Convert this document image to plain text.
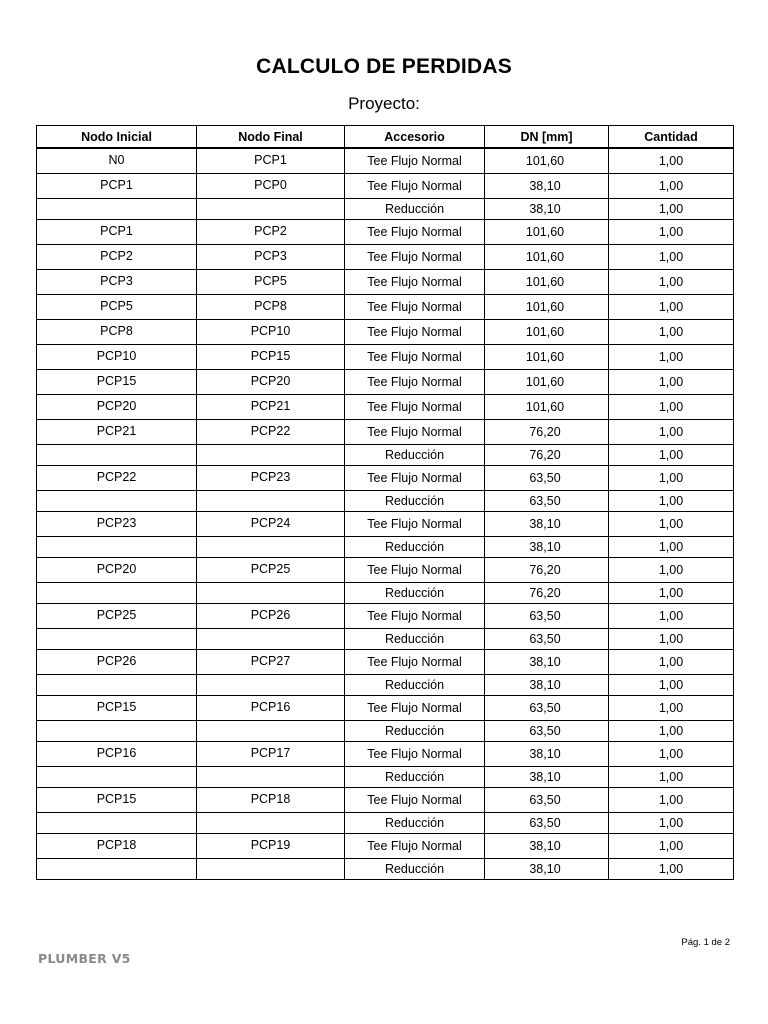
CALCULO DE PERDIDAS
Proyecto:
Nodo Inicial	Nodo Final	Accesorio	DN [mm]	Cantidad
N0	PCP1	Tee Flujo Normal	101,60	1,00
PCP1	PCP0	Tee Flujo Normal	38,10	1,00
		Reducción	38,10	1,00
PCP1	PCP2	Tee Flujo Normal	101,60	1,00
PCP2	PCP3	Tee Flujo Normal	101,60	1,00
PCP3	PCP5	Tee Flujo Normal	101,60	1,00
PCP5	PCP8	Tee Flujo Normal	101,60	1,00
PCP8	PCP10	Tee Flujo Normal	101,60	1,00
PCP10	PCP15	Tee Flujo Normal	101,60	1,00
PCP15	PCP20	Tee Flujo Normal	101,60	1,00
PCP20	PCP21	Tee Flujo Normal	101,60	1,00
PCP21	PCP22	Tee Flujo Normal	76,20	1,00
		Reducción	76,20	1,00
PCP22	PCP23	Tee Flujo Normal	63,50	1,00
		Reducción	63,50	1,00
PCP23	PCP24	Tee Flujo Normal	38,10	1,00
		Reducción	38,10	1,00
PCP20	PCP25	Tee Flujo Normal	76,20	1,00
		Reducción	76,20	1,00
PCP25	PCP26	Tee Flujo Normal	63,50	1,00
		Reducción	63,50	1,00
PCP26	PCP27	Tee Flujo Normal	38,10	1,00
		Reducción	38,10	1,00
PCP15	PCP16	Tee Flujo Normal	63,50	1,00
		Reducción	63,50	1,00
PCP16	PCP17	Tee Flujo Normal	38,10	1,00
		Reducción	38,10	1,00
PCP15	PCP18	Tee Flujo Normal	63,50	1,00
		Reducción	63,50	1,00
PCP18	PCP19	Tee Flujo Normal	38,10	1,00
		Reducción	38,10	1,00
Pág. 1 de 2
PLUMBER V5
